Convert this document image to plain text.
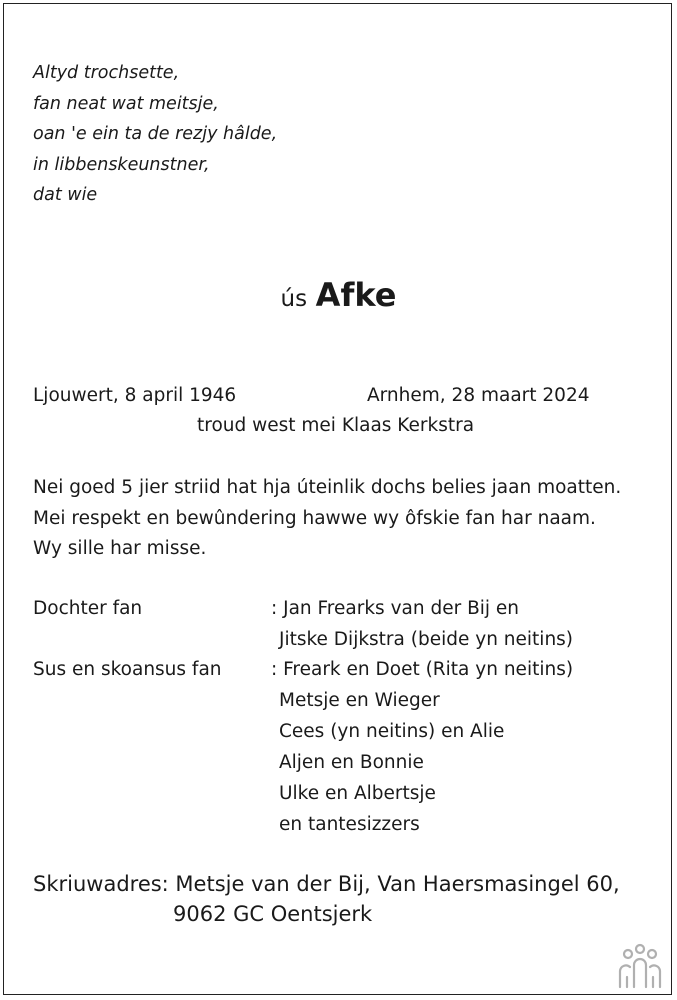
Altyd trochsette,
fan neat wat meitsje,
oan 'e ein ta de rezjy hâlde,
in libbenskeunstner,
dat wie
ús Afke
Ljouwert, 8 april 1946	Arnhem, 28 maart 2024
troud west mei Klaas Kerkstra
Nei goed 5 jier striid hat hja úteinlik dochs belies jaan moatten.
Mei respekt en bewûndering hawwe wy ôfskie fan har naam.
Wy sille har misse.
Dochter fan	: Jan Frearks van der Bij en
Jitske Dijkstra (beide yn neitins)
Sus en skoansus fan	: Freark en Doet (Rita yn neitins)
Metsje en Wieger
Cees (yn neitins) en Alie
Aljen en Bonnie
Ulke en Albertsje
en tantesizzers
Skriuwadres: Metsje van der Bij, Van Haersmasingel 60,
9062 GC Oentsjerk
